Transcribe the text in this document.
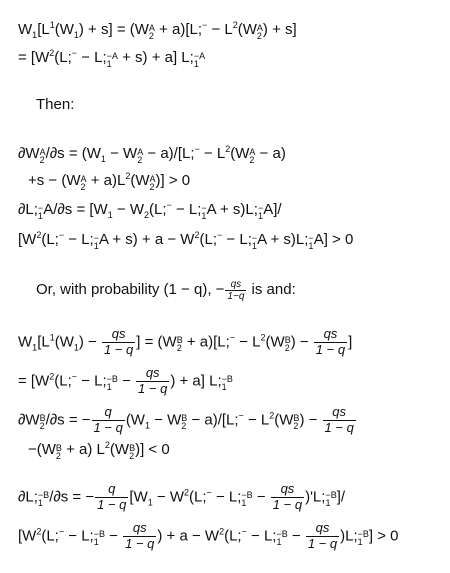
$W_1[L^1(W_1) + s] = (W$ A
2 + a)[L;− − $L^2(W$ A
2 ) + s]
= [$W^2(L;^- - L$; −A
1 + s) + a] L; −A
1
Then:
∂W A
2 $/\partial s = (W_1 - W$ A
2 − a)/[L;− − $L^2(W$ A
2 − a)
+s − (W A
$2 + a)L^2(W$ A
2 )] > 0
∂L; −
1 $A/\partial s = [W_1$ − $W_2(L;^- - L$; −
1 A + s)L; −
1 A]/
[$W^2(L;^- - L$; −
1 $A + s) + a - W^2(L;^- - L$; −
1 A + s)L; −
1 A] > 0
Or, with probability (1 − q), − $\frac{qs}{1-q}$ is and:
$W_1[L^1(W_1) - \frac{qs}{1 - q}$ ] = (W B
2 + a)[L;− − $L^2(W$ B
2 ) − $\frac{qs}{1 - q}$ ]
= [$W^2(L;^- - L$; −B
$1 - \frac{qs}{1 - q}$ ) + a] L; −B
1
∂W B
2 /∂s = − $\frac{q}{1 - q} (W_1 - W$ B
2 − a)/[L;− − $L^2(W$ B
2 ) − $\frac{qs}{1 - q}$
−(W B
2 + a) $L^2(W$ B
2 )] < 0
∂L; −B
1 /∂s = − $\frac{q}{1 - q} [W_1$ − $W^2(L;^- - L$; −B
$1 - \frac{qs}{1 - q} )'L$; −B
1 ]/
[$W^2(L;^- - L$; −B
$1 - \frac{qs}{1 - q}$ ) + $a - W^2(L;^- - L$; −B
$1 - \frac{qs}{1 - q} )L$; −B
1 ] > 0
